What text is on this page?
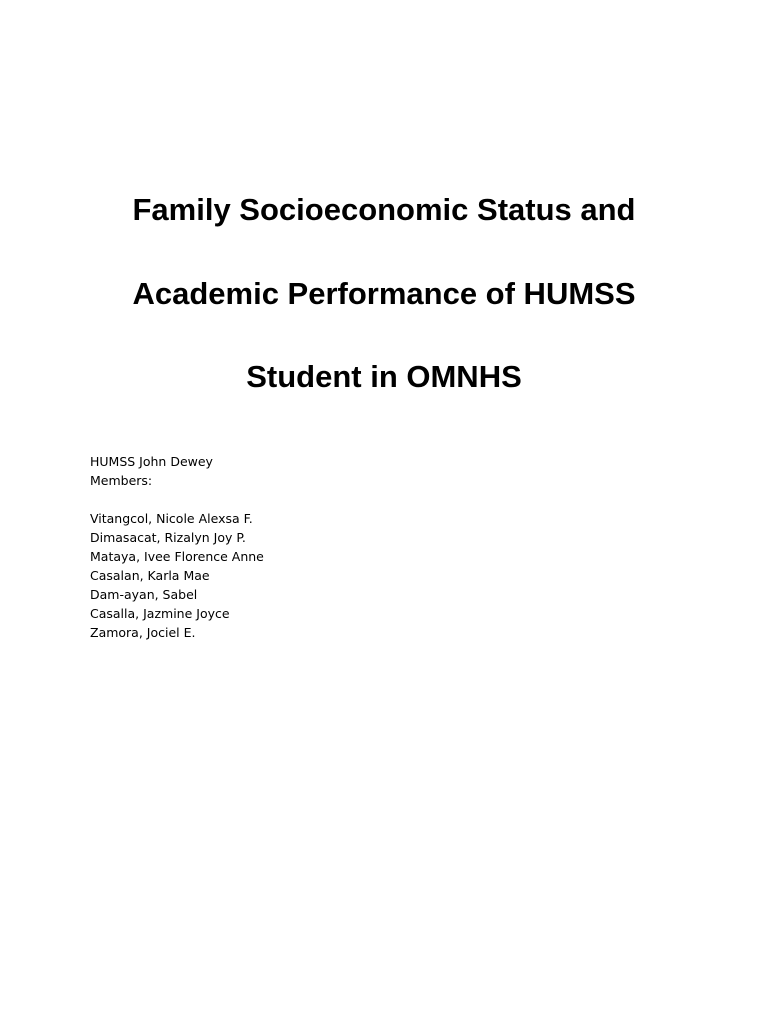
Family Socioeconomic Status and
Academic Performance of HUMSS
Student in OMNHS
HUMSS John Dewey
Members:
Vitangcol, Nicole Alexsa F.
Dimasacat, Rizalyn Joy P.
Mataya, Ivee Florence Anne
Casalan, Karla Mae
Dam-ayan, Sabel
Casalla, Jazmine Joyce
Zamora, Jociel E.
